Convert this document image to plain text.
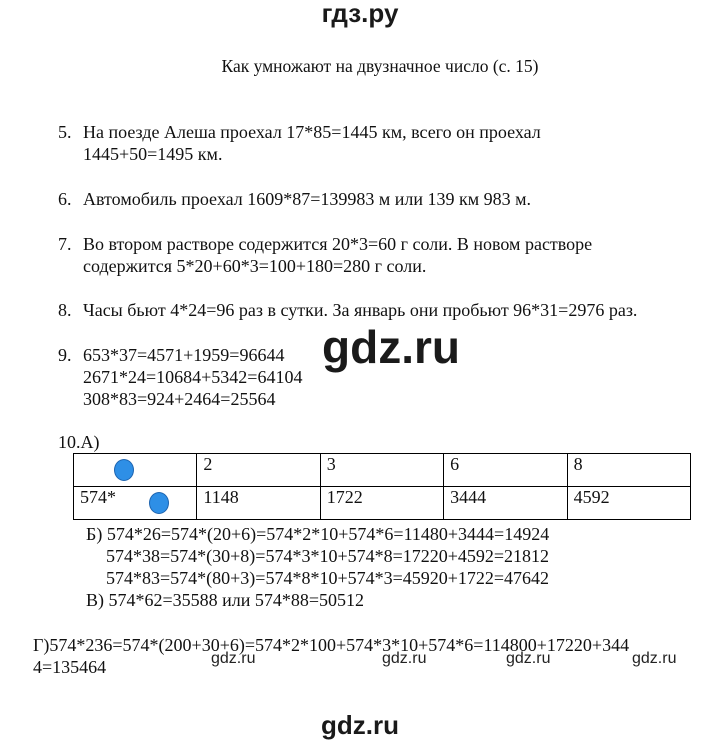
гдз.ру
Как умножают на двузначное число (с. 15)
5. На поезде Алеша проехал 17*85=1445 км, всего он проехал
1445+50=1495 км.
6. Автомобиль проехал 1609*87=139983 м или 139 км 983 м.
7. Во втором растворе содержится 20*3=60 г соли. В новом растворе
содержится 5*20+60*3=100+180=280 г соли.
8. Часы бьют 4*24=96 раз в сутки. За январь они пробьют 96*31=2976 раз.
9. 653*37=4571+1959=96644
2671*24=10684+5342=64104
308*83=924+2464=25564
gdz.ru
10.А)
	2	3	6	8
574*	1148	1722	3444	4592
Б) 574*26=574*(20+6)=574*2*10+574*6=11480+3444=14924
574*38=574*(30+8)=574*3*10+574*8=17220+4592=21812
574*83=574*(80+3)=574*8*10+574*3=45920+1722=47642
В) 574*62=35588 или 574*88=50512
Г)574*236=574*(200+30+6)=574*2*100+574*3*10+574*6=114800+17220+344
4=135464	gdz.ru	gdz.ru	gdz.ru	gdz.ru
gdz.ru
